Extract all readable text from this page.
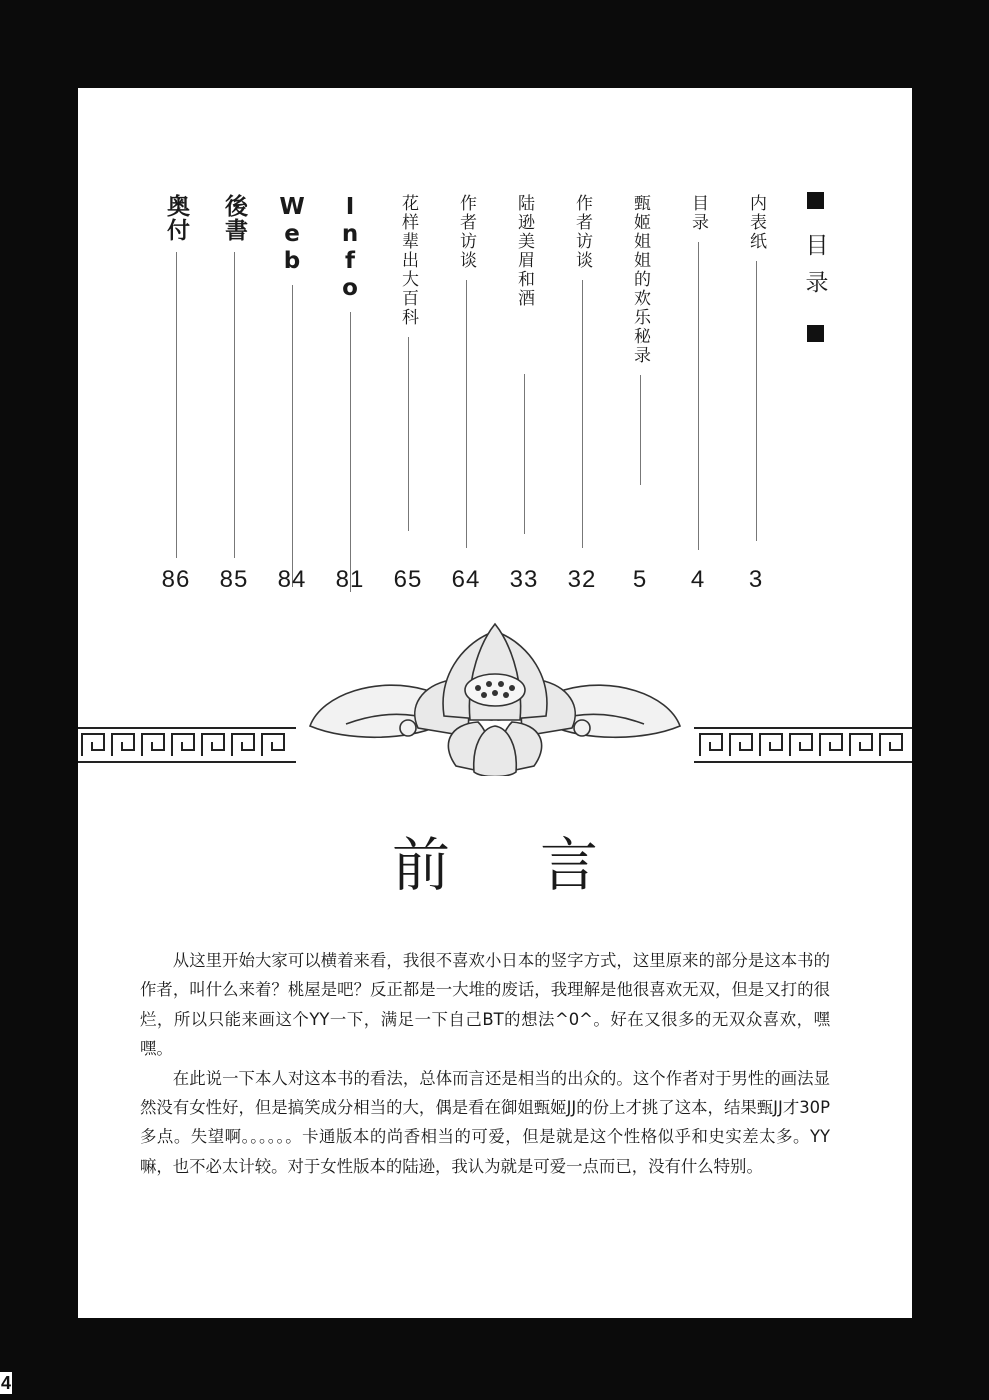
目录
内表纸
3
目录
4
甄姬姐姐的欢乐秘录
5
作者访谈
32
陆逊美眉和酒
33
作者访谈
64
花样辈出大百科
65
Info
81
Web
84
後書
85
奥付
86
前言

从这里开始大家可以横着来看，我很不喜欢小日本的竖字方式，这里原来的部分是这本书的作者，叫什么来着？桃屋是吧？反正都是一大堆的废话，我理解是他很喜欢无双，但是又打的很烂，所以只能来画这个YY一下，满足一下自己BT的想法^0^。好在又很多的无双众喜欢，嘿嘿。

在此说一下本人对这本书的看法，总体而言还是相当的出众的。这个作者对于男性的画法显然没有女性好，但是搞笑成分相当的大，偶是看在御姐甄姬JJ的份上才挑了这本，结果甄JJ才30P多点。失望啊。。。。。。卡通版本的尚香相当的可爱，但是就是这个性格似乎和史实差太多。YY嘛，也不必太计较。对于女性版本的陆逊，我认为就是可爱一点而已，没有什么特别。

4
